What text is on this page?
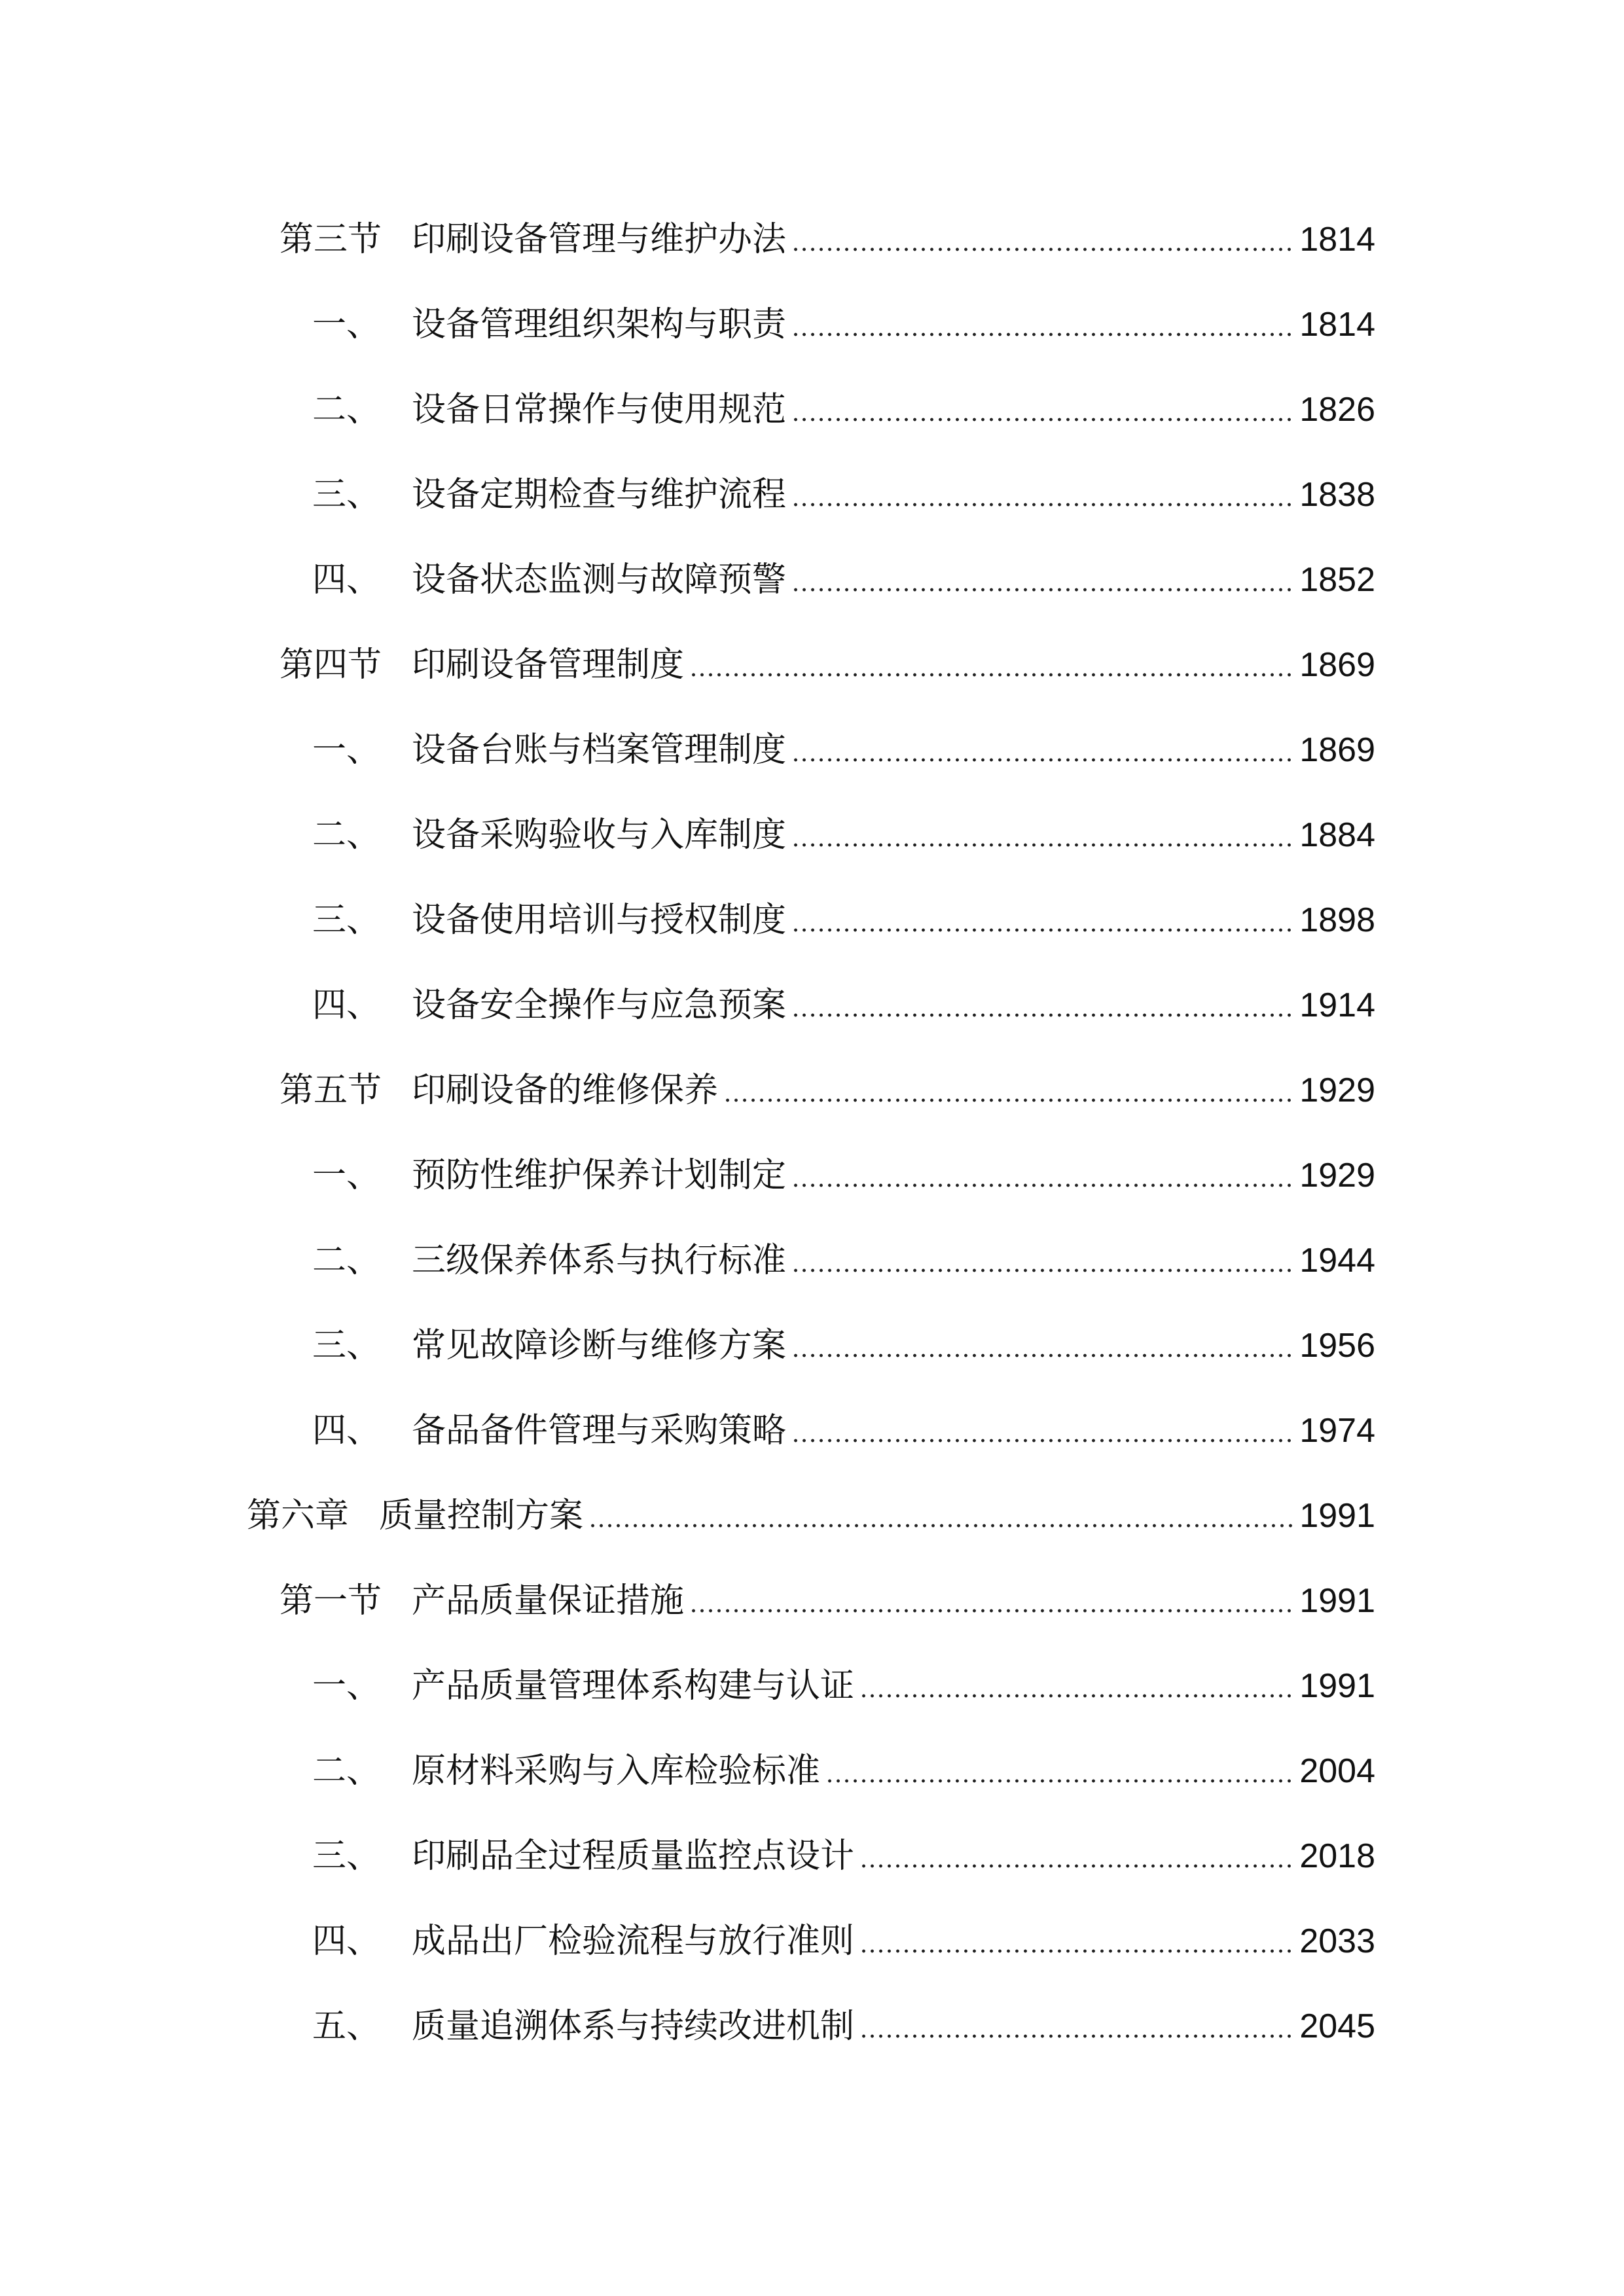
第三节 印刷设备管理与维护办法	1814
一、 设备管理组织架构与职责	1814
二、 设备日常操作与使用规范	1826
三、 设备定期检查与维护流程	1838
四、 设备状态监测与故障预警	1852
第四节 印刷设备管理制度	1869
一、 设备台账与档案管理制度	1869
二、 设备采购验收与入库制度	1884
三、 设备使用培训与授权制度	1898
四、 设备安全操作与应急预案	1914
第五节 印刷设备的维修保养	1929
一、 预防性维护保养计划制定	1929
二、 三级保养体系与执行标准	1944
三、 常见故障诊断与维修方案	1956
四、 备品备件管理与采购策略	1974
第六章 质量控制方案	1991
第一节 产品质量保证措施	1991
一、 产品质量管理体系构建与认证	1991
二、 原材料采购与入库检验标准	2004
三、 印刷品全过程质量监控点设计	2018
四、 成品出厂检验流程与放行准则	2033
五、 质量追溯体系与持续改进机制	2045
